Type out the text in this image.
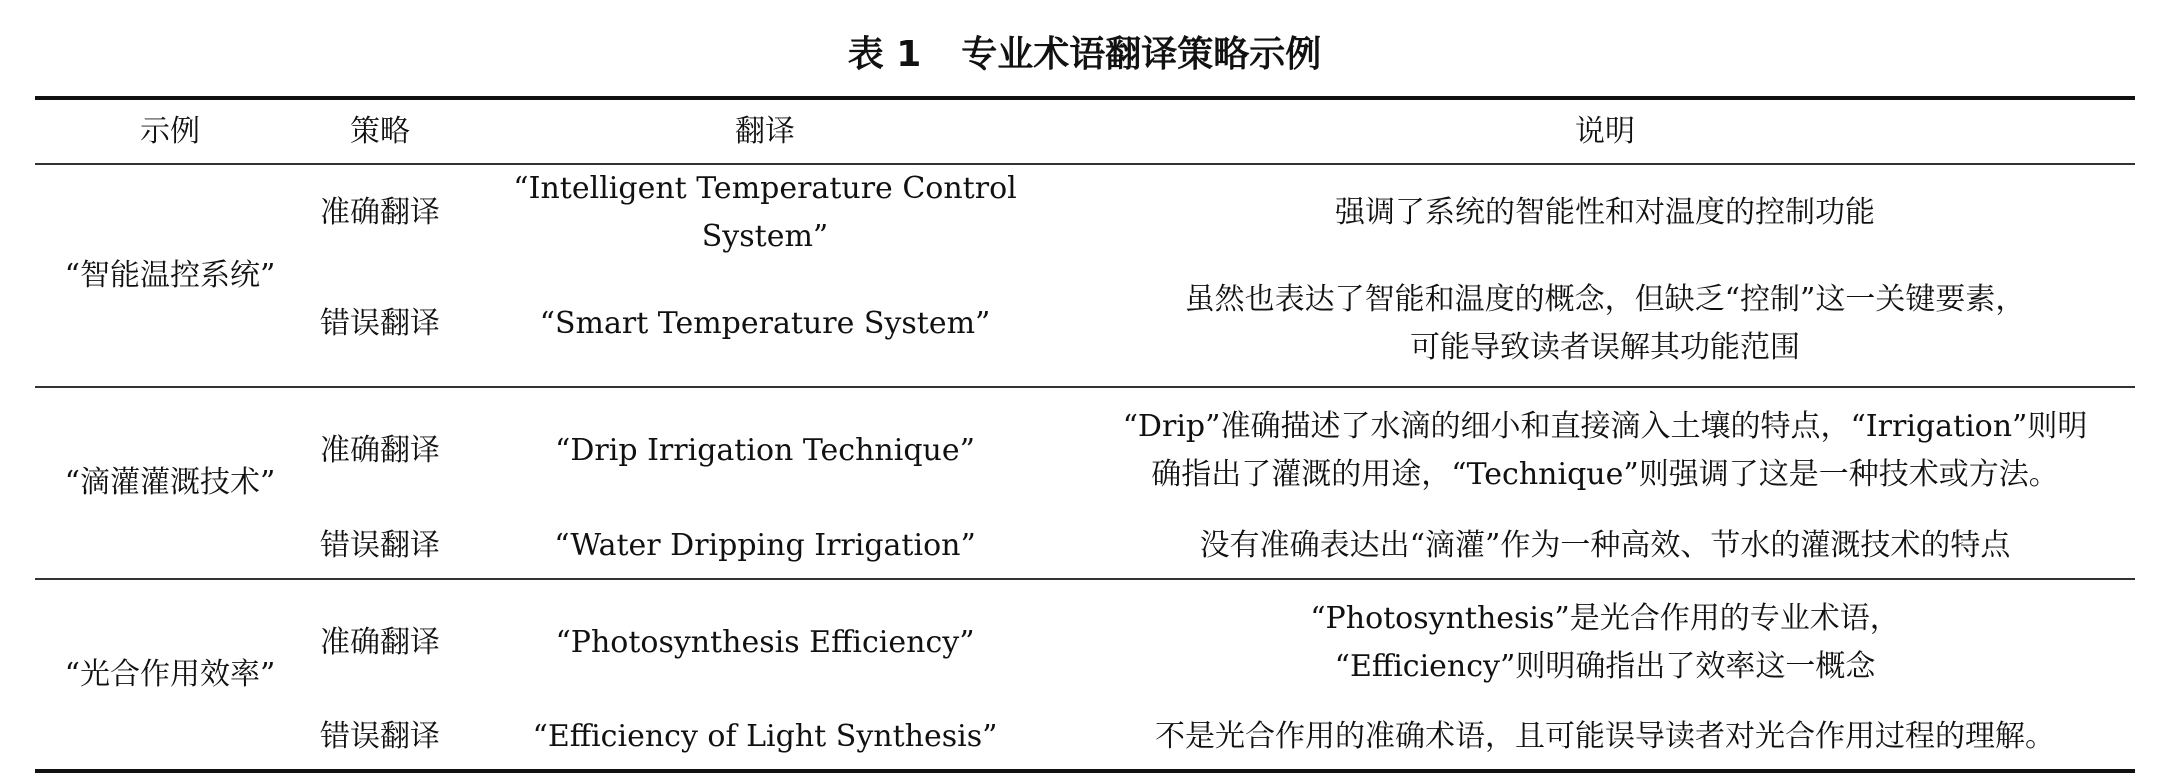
表 1 专业术语翻译策略示例
示例	策略	翻译	说明
“智能温控系统”	准确翻译	“Intelligent Temperature Control System”	强调了系统的智能性和对温度的控制功能
	错误翻译	“Smart Temperature System”	虽然也表达了智能和温度的概念，但缺乏“控制”这一关键要素，
可能导致读者误解其功能范围
“滴灌灌溉技术”	准确翻译	“Drip Irrigation Technique”	“Drip”准确描述了水滴的细小和直接滴入土壤的特点，“Irrigation”则明
确指出了灌溉的用途，“Technique”则强调了这是一种技术或方法。
	错误翻译	“Water Dripping Irrigation”	没有准确表达出“滴灌”作为一种高效、节水的灌溉技术的特点
“光合作用效率”	准确翻译	“Photosynthesis Efficiency”	“Photosynthesis”是光合作用的专业术语，
“Efficiency”则明确指出了效率这一概念
	错误翻译	“Efficiency of Light Synthesis”	不是光合作用的准确术语，且可能误导读者对光合作用过程的理解。
